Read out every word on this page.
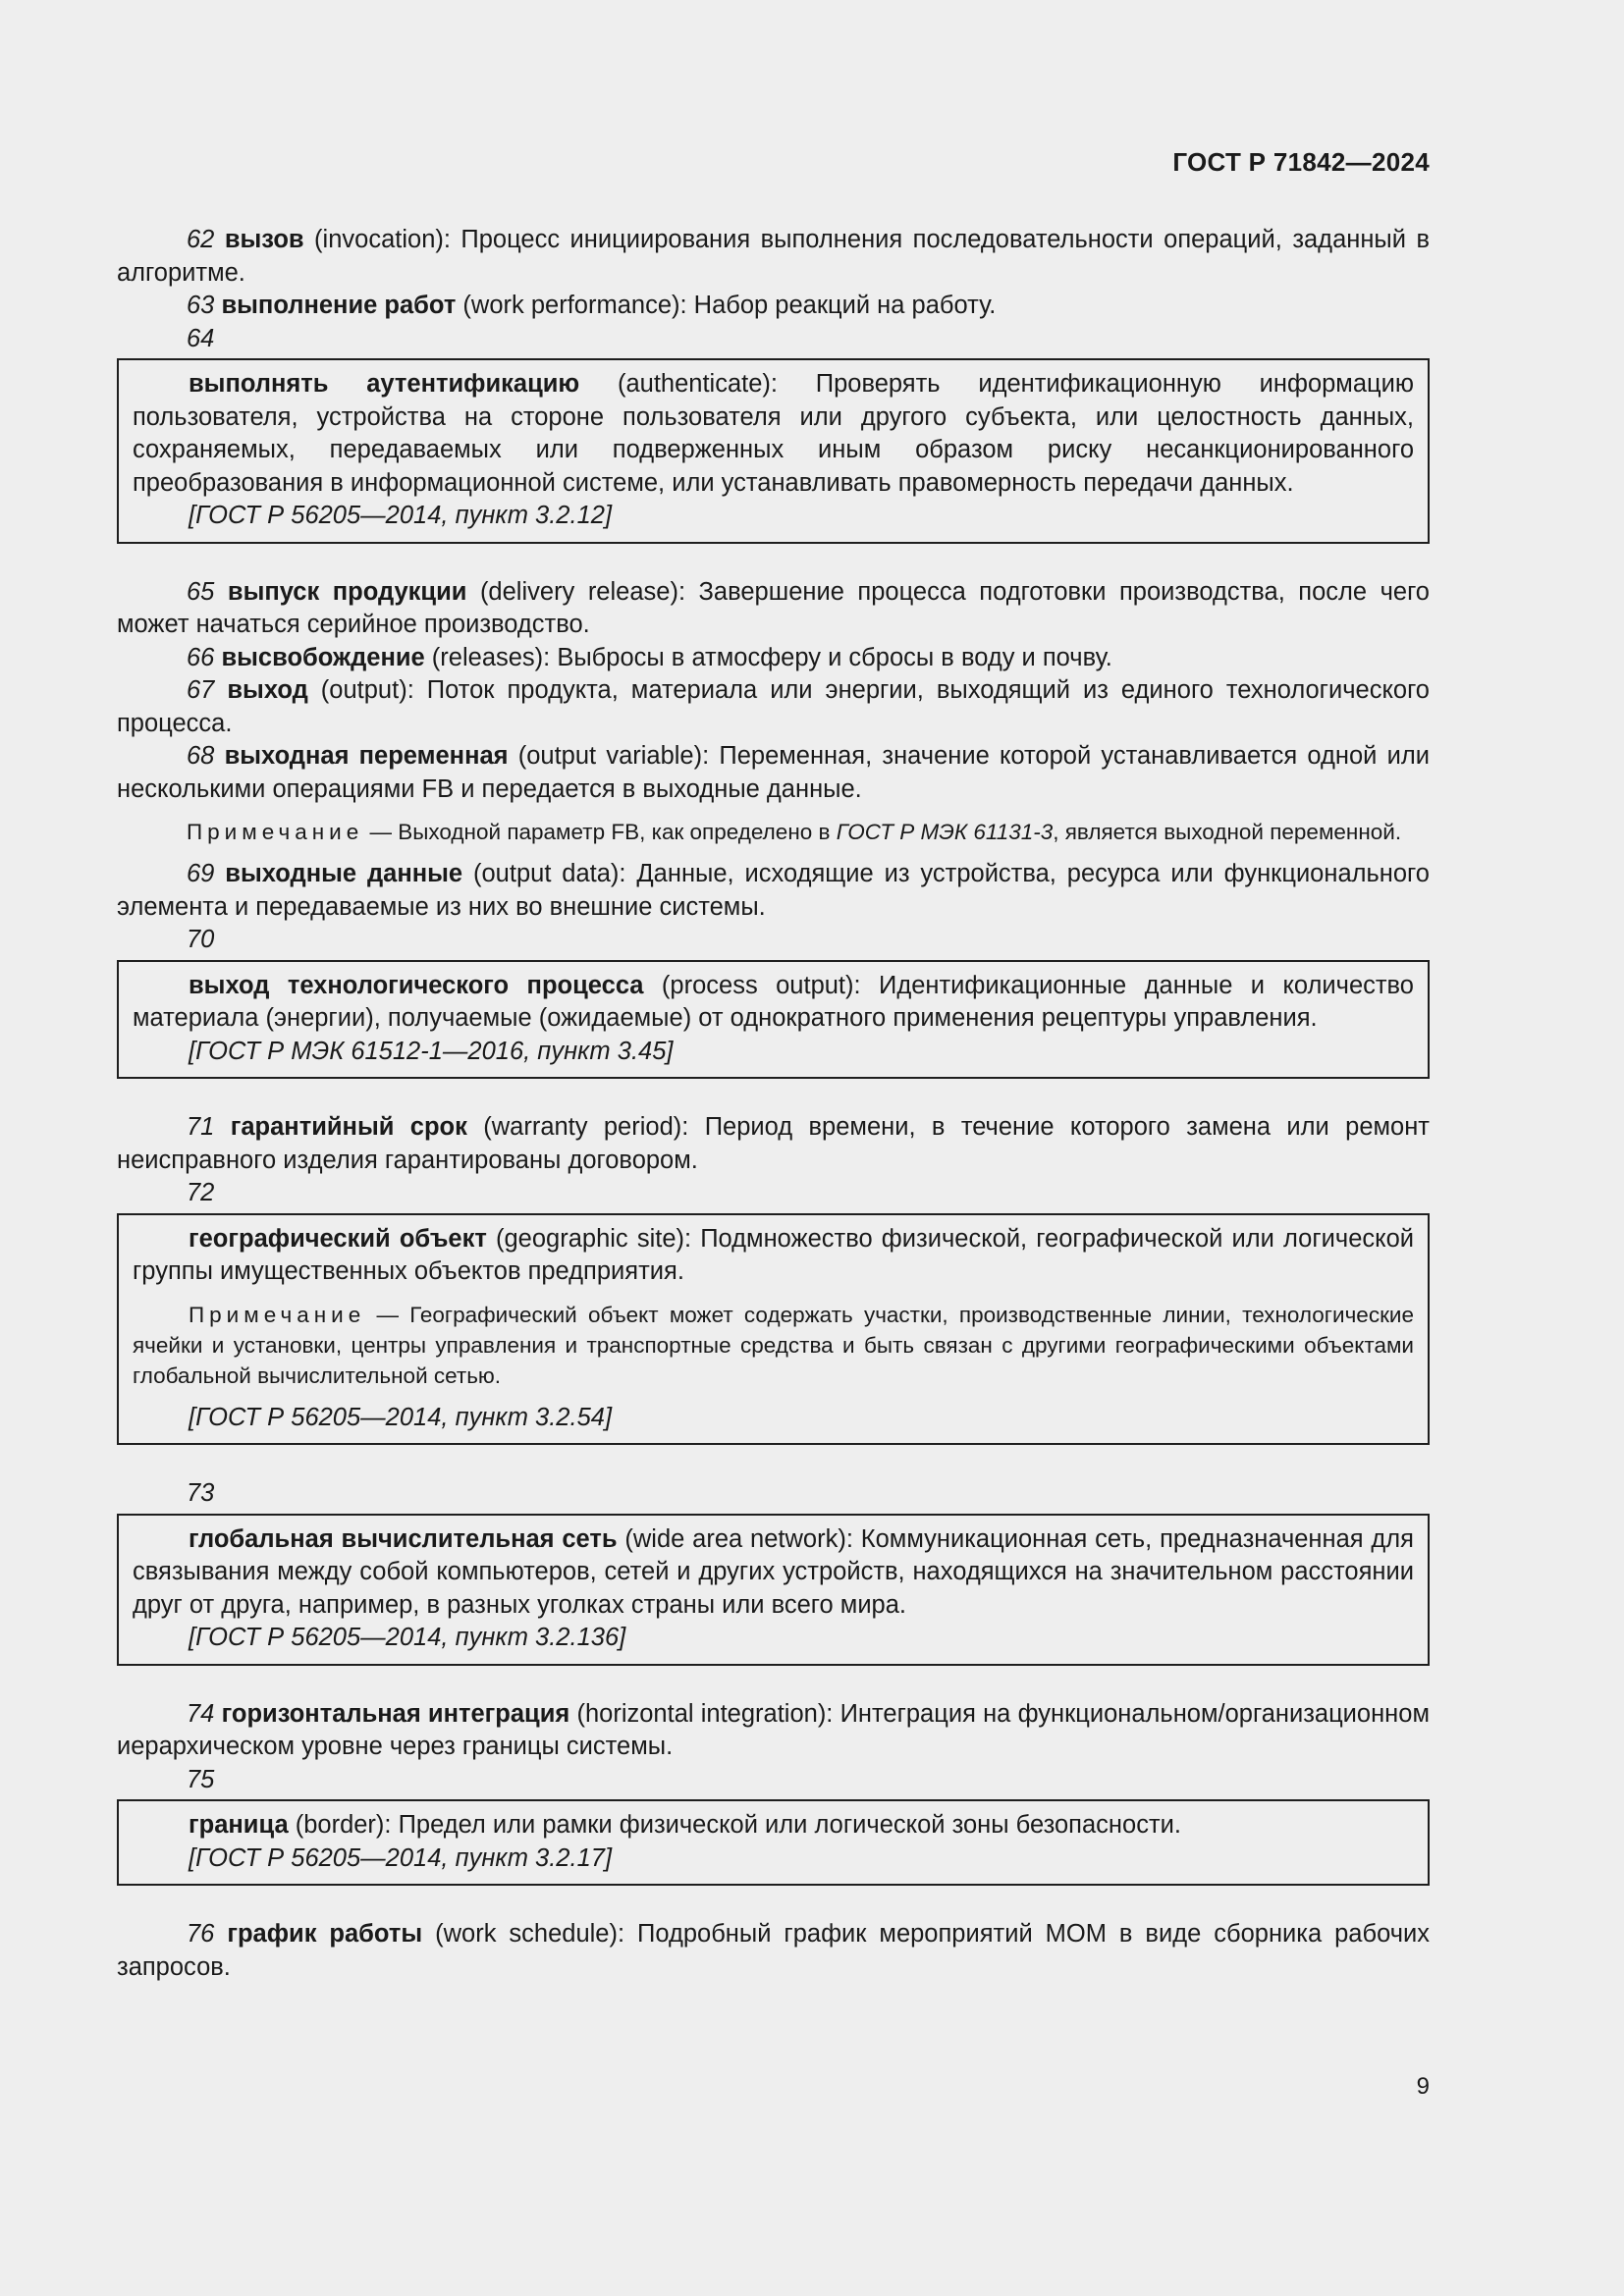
ГОСТ Р 71842—2024

62 вызов (invocation): Процесс инициирования выполнения последовательности операций, заданный в алгоритме.

63 выполнение работ (work performance): Набор реакций на работу.

64

выполнять аутентификацию (authenticate): Проверять идентификационную информацию пользователя, устройства на стороне пользователя или другого субъекта, или целостность данных, сохраняемых, передаваемых или подверженных иным образом риску несанкционированного преобразования в информационной системе, или устанавливать правомерность передачи данных.

[ГОСТ Р 56205—2014, пункт 3.2.12]

65 выпуск продукции (delivery release): Завершение процесса подготовки производства, после чего может начаться серийное производство.

66 высвобождение (releases): Выбросы в атмосферу и сбросы в воду и почву.

67 выход (output): Поток продукта, материала или энергии, выходящий из единого технологического процесса.

68 выходная переменная (output variable): Переменная, значение которой устанавливается одной или несколькими операциями FB и передается в выходные данные.

Примечание — Выходной параметр FB, как определено в ГОСТ Р МЭК 61131-3, является выходной переменной.

69 выходные данные (output data): Данные, исходящие из устройства, ресурса или функционального элемента и передаваемые из них во внешние системы.

70

выход технологического процесса (process output): Идентификационные данные и количество материала (энергии), получаемые (ожидаемые) от однократного применения рецептуры управления.

[ГОСТ Р МЭК 61512-1—2016, пункт 3.45]

71 гарантийный срок (warranty period): Период времени, в течение которого замена или ремонт неисправного изделия гарантированы договором.

72

географический объект (geographic site): Подмножество физической, географической или логической группы имущественных объектов предприятия.

Примечание — Географический объект может содержать участки, производственные линии, технологические ячейки и установки, центры управления и транспортные средства и быть связан с другими географическими объектами глобальной вычислительной сетью.

[ГОСТ Р 56205—2014, пункт 3.2.54]

73

глобальная вычислительная сеть (wide area network): Коммуникационная сеть, предназначенная для связывания между собой компьютеров, сетей и других устройств, находящихся на значительном расстоянии друг от друга, например, в разных уголках страны или всего мира.

[ГОСТ Р 56205—2014, пункт 3.2.136]

74 горизонтальная интеграция (horizontal integration): Интеграция на функциональном/организационном иерархическом уровне через границы системы.

75

граница (border): Предел или рамки физической или логической зоны безопасности.

[ГОСТ Р 56205—2014, пункт 3.2.17]

76 график работы (work schedule): Подробный график мероприятий МОМ в виде сборника рабочих запросов.

9
